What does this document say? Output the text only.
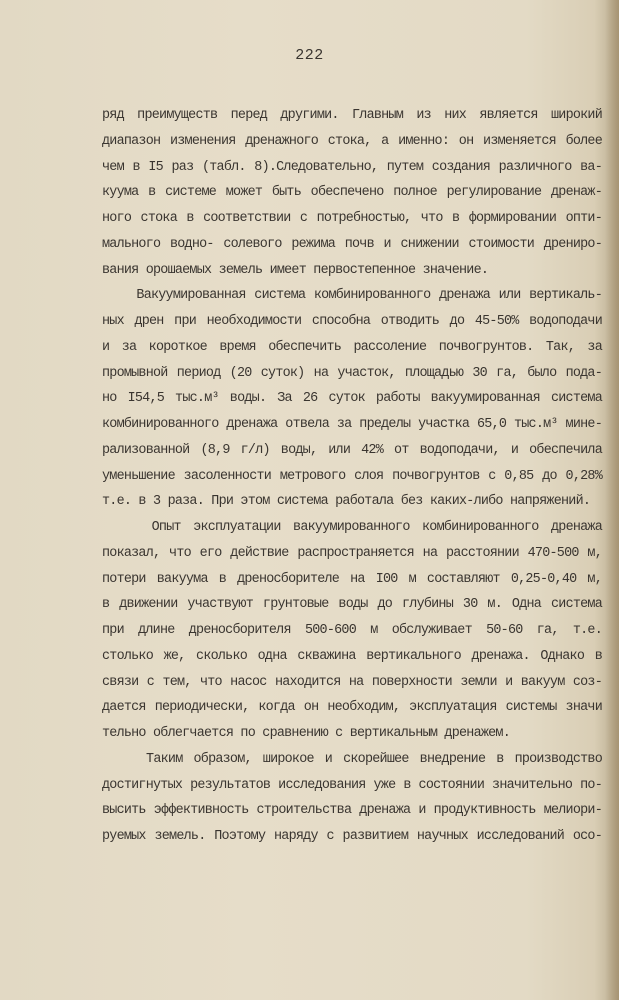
222
ряд преимуществ перед другими. Главным из них является широкий
диапазон изменения дренажного стока, а именно: он изменяется более
чем в I5 раз (табл. 8).Следовательно, путем создания различного ва-
куума в системе может быть обеспечено полное регулирование дренаж-
ного стока в соответствии с потребностью, что в формировании опти-
мального водно- солевого режима почв и снижении стоимости дрениро-
вания орошаемых земель имеет первостепенное значение.
Вакуумированная система комбинированного дренажа или вертикаль-
ных дрен при необходимости способна отводить до 45-50% водоподачи
и за короткое время обеспечить рассоление почвогрунтов. Так, за
промывной период (20 суток) на участок, площадью 30 га, было пода-
но I54,5 тыс.м³ воды. За 26 суток работы вакуумированная система
комбинированного дренажа отвела за пределы участка 65,0 тыс.м³ мине-
рализованной (8,9 г/л) воды, или 42% от водоподачи, и обеспечила
уменьшение засоленности метрового слоя почвогрунтов с 0,85 до 0,28%
т.е. в 3 раза. При этом система работала без каких-либо напряжений.
Опыт эксплуатации вакуумированного комбинированного дренажа
показал, что его действие распространяется на расстоянии 470-500 м,
потери вакуума в дреносборителе на I00 м составляют 0,25-0,40 м,
в движении участвуют грунтовые воды до глубины 30 м. Одна система
при длине дреносборителя 500-600 м обслуживает 50-60 га, т.е.
столько же, сколько одна скважина вертикального дренажа. Однако в
связи с тем, что насос находится на поверхности земли и вакуум соз-
дается периодически, когда он необходим, эксплуатация системы значи
тельно облегчается по сравнению с вертикальным дренажем.
Таким образом, широкое и скорейшее внедрение в производство
достигнутых результатов исследования уже в состоянии значительно по-
высить эффективность строительства дренажа и продуктивность мелиори-
руемых земель. Поэтому наряду с развитием научных исследований осо-
